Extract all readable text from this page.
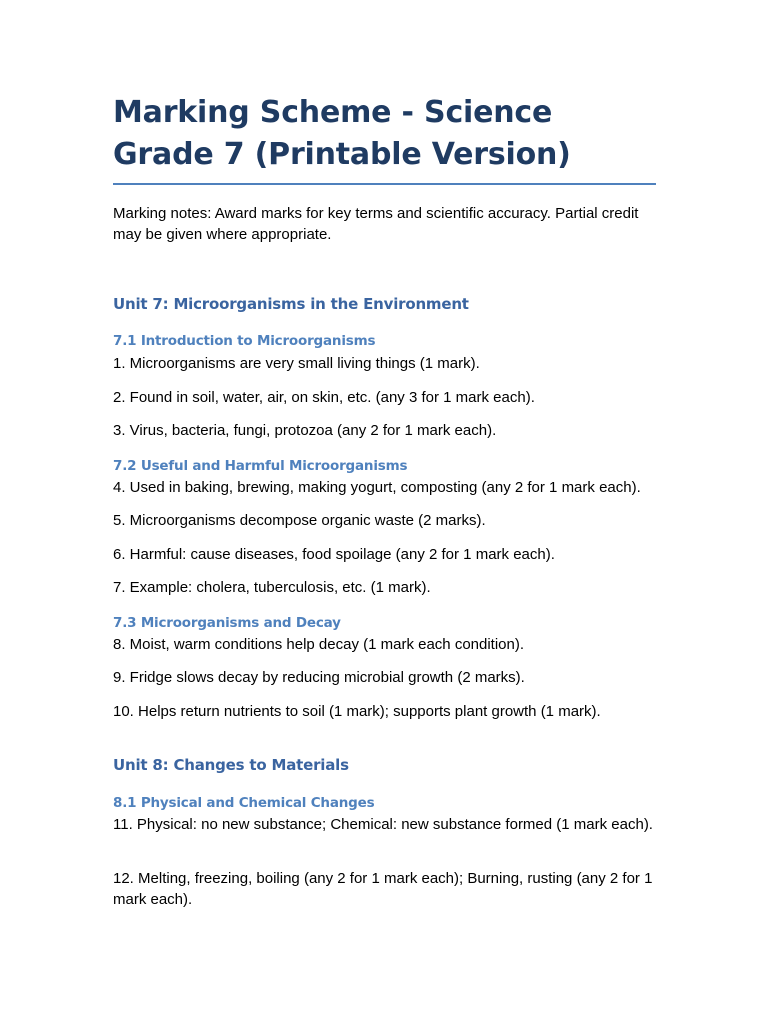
Marking Scheme - Science Grade 7 (Printable Version)

Marking notes: Award marks for key terms and scientific accuracy. Partial credit may be given where appropriate.

Unit 7: Microorganisms in the Environment
7.1 Introduction to Microorganisms
1. Microorganisms are very small living things (1 mark).
2. Found in soil, water, air, on skin, etc. (any 3 for 1 mark each).
3. Virus, bacteria, fungi, protozoa (any 2 for 1 mark each).
7.2 Useful and Harmful Microorganisms
4. Used in baking, brewing, making yogurt, composting (any 2 for 1 mark each).
5. Microorganisms decompose organic waste (2 marks).
6. Harmful: cause diseases, food spoilage (any 2 for 1 mark each).
7. Example: cholera, tuberculosis, etc. (1 mark).
7.3 Microorganisms and Decay
8. Moist, warm conditions help decay (1 mark each condition).
9. Fridge slows decay by reducing microbial growth (2 marks).
10. Helps return nutrients to soil (1 mark); supports plant growth (1 mark).
Unit 8: Changes to Materials
8.1 Physical and Chemical Changes
11. Physical: no new substance; Chemical: new substance formed (1 mark each).
12. Melting, freezing, boiling (any 2 for 1 mark each); Burning, rusting (any 2 for 1 mark each).
